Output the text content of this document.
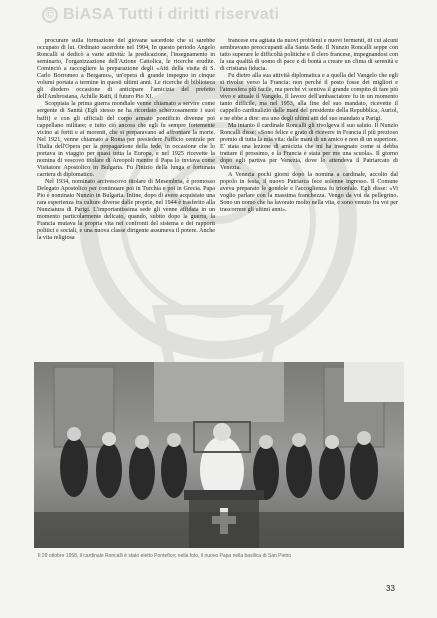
© BiASA Tutti i diritti riservati

procurare sulla formazione del giovane sacerdote che si sarebbe occupato di lui. Ordinato sacerdote nel 1904, In questo periodo Angelo Roncalli si dedicò a varie attività: la predicazione, l'insegnamento in seminario, l'organizzazione dell'Azione Cattolica, le ricerche erudite. Cominciò a raccogliere la preparazione degli «Atti della visita di S. Carlo Borromeo a Bergamo», un'opera di grande impegno in cinque volumi portata a termine in questi ultimi anni. Le ricerche di biblioteca gli diedero occasione di anticipare l'amicizia del prefetto dell'Ambrosiana, Achille Ratti, il futuro Pio XI.

Scoppiata la prima guerra mondiale venne chiamato a servire come sergente di Sanità (Egli stesso ne ha ricordato scherzosamente i suoi baffi) e con gli ufficiali del corpo armato pontificio divenne poi cappellano militare; e tutto ciò ancora che egli fu sempre fortemente vicino ai feriti e ai morenti, che si preparavano ad affrontare la morte. Nel 1921, venne chiamato a Roma per presiedere l'ufficio centrale per l'Italia dell'Opera per la propagazione della fede, in occasione che lo portava in viaggio per quasi tutta la Europa, e nel 1925 ricevette la nomina di vescovo titolare di Areopoli mentre il Papa lo inviava come Visitatore Apostolico in Bulgaria. Fu l'inizio della lunga e fortunata carriera di diplomatico.

Nel 1934, nominato arcivescovo titolare di Mesembria, è promosso Delegato Apostolico per continuare poi in Turchia e poi in Grecia. Papa Pio è nominato Nunzio in Bulgaria. Infine, dopo di avere acquistato una rara esperienza fra culture diverse dalle proprie, nel 1944 è trasferito alla Nunziatura di Parigi. L'importantissima sede gli venne affidata in un momento particolarmente delicato, quando, subito dopo la guerra, la Francia mutava la propria vita nei confronti del sistema e dei rapporti politici e sociali, e una nuova classe dirigente assumeva il potere. Anche la vita religiosa

francese era agitata da nuovi problemi e nuovi fermenti, di cui alcuni sembravano preoccupanti alla Santa Sede. Il Nunzio Roncalli seppe con tatto superare le difficoltà politiche e il clero francese, impegnandosi con la sua qualità di uomo di pace e di bontà a creare un clima di serenità e di cristiana fiducia.

Fu dietro alla sua attività diplomatica e a quella del Vangelo che egli si rivolse verso la Francia: non perché il posto fosse dei migliori e l'atmosfera più facile, ma perché vi sentiva il grande compito di fare più vivo e attuale il Vangelo. Il lavoro dell'ambasciatore fu in un momento tanto difficile, ma nel 1953, alla fine del suo mandato, ricevette il cappello cardinalizio dalle mani del presidente della Repubblica, Auriol, e ne ebbe a dire: era uno degli ultimi atti del suo mandato a Parigi.

Ma intanto il cardinale Roncalli gli rivolgeva il suo saluto. Il Nunzio Roncalli disse: «Sono felice e grato di ricevere in Francia il più prezioso premio di tutta la mia vita: dalle mani di un amico e non di un superiore. E' stata una lezione di amicizia che mi ha insegnato come si debba trattare il prossimo, e la Francia è stata per me una scuola». Il giorno dopo egli partiva per Venezia, dove lo attendeva il Patriarcato di Venezia.

A Venezia pochi giorni dopo la nomina a cardinale, accolto dal popolo in festa, il nuovo Patriarca fece solenne ingresso. Il Comune aveva preparato le gondole e l'accoglienza fu trionfale. Egli disse: «Vi voglio parlare con la massima franchezza. Vengo da voi da pellegrino. Sono un uomo che ha lavorato molto nella vita, e sono venuto fra voi per trascorrere gli ultimi anni».

Il 29 ottobre 1958, il cardinale Roncalli è stato eletto Pontefice; nella foto, il nuovo Papa nella basilica di San Pietro
33
